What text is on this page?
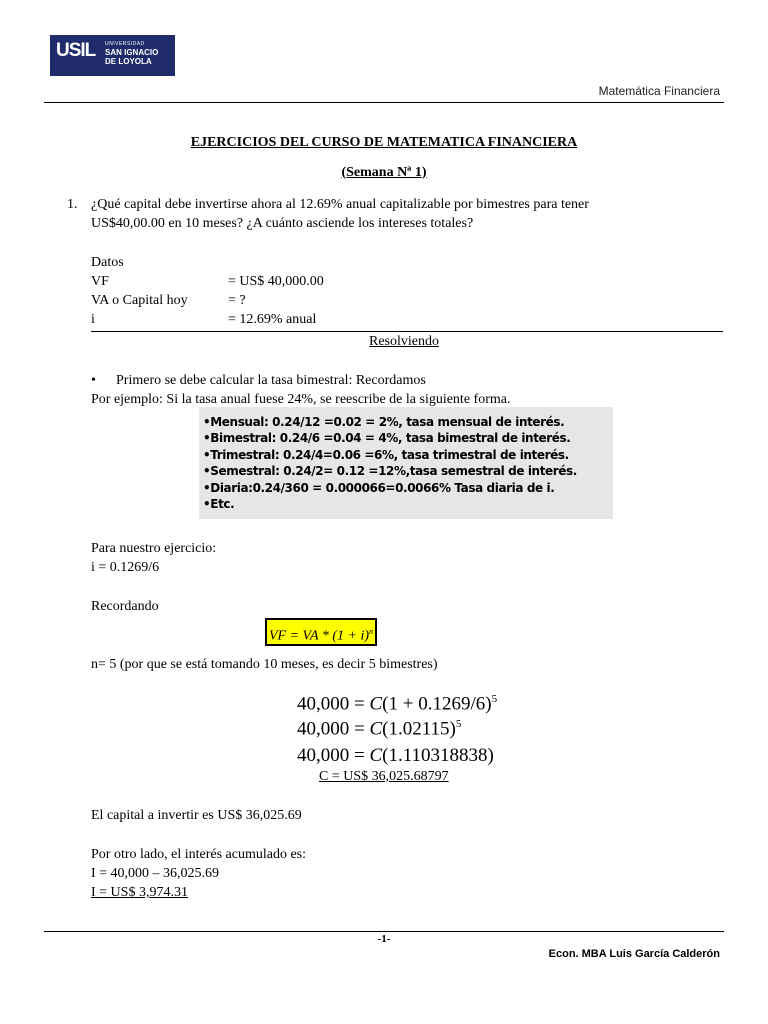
USIL UNIVERSIDAD
SAN IGNACIO
DE LOYOLA
Matemática Financiera
EJERCICIOS DEL CURSO DE MATEMATICA FINANCIERA
(Semana Nª 1)
1. ¿Qué capital debe invertirse ahora al 12.69% anual capitalizable por bimestres para tener
US$40,00.00 en 10 meses? ¿A cuánto asciende los intereses totales?
Datos
VF	= US$ 40,000.00
VA o Capital hoy	= ?
i	= 12.69% anual
Resolviendo
• Primero se debe calcular la tasa bimestral: Recordamos
Por ejemplo: Si la tasa anual fuese 24%, se reescribe de la siguiente forma.
•Mensual: 0.24/12 =0.02 = 2%, tasa mensual de interés.
•Bimestral: 0.24/6 =0.04 = 4%, tasa bimestral de interés.
•Trimestral: 0.24/4=0.06 =6%, tasa trimestral de interés.
•Semestral: 0.24/2= 0.12 =12%,tasa semestral de interés.
•Diaria:0.24/360 = 0.000066=0.0066% Tasa diaria de i.
•Etc.
Para nuestro ejercicio:
i = 0.1269/6
Recordando
VF = VA * $(1 + i)^n$
n= 5 (por que se está tomando 10 meses, es decir 5 bimestres)
$40,000 = C(1 + 0.1269/6)^5$
$40,000 = C(1.02115)^5$
40,000 = C(1.110318838)
C = US$ 36,025.68797
El capital a invertir es US$ 36,025.69
Por otro lado, el interés acumulado es:
I = 40,000 – 36,025.69
I = US$ 3,974.31
-1-
Econ. MBA Luis García Calderón
